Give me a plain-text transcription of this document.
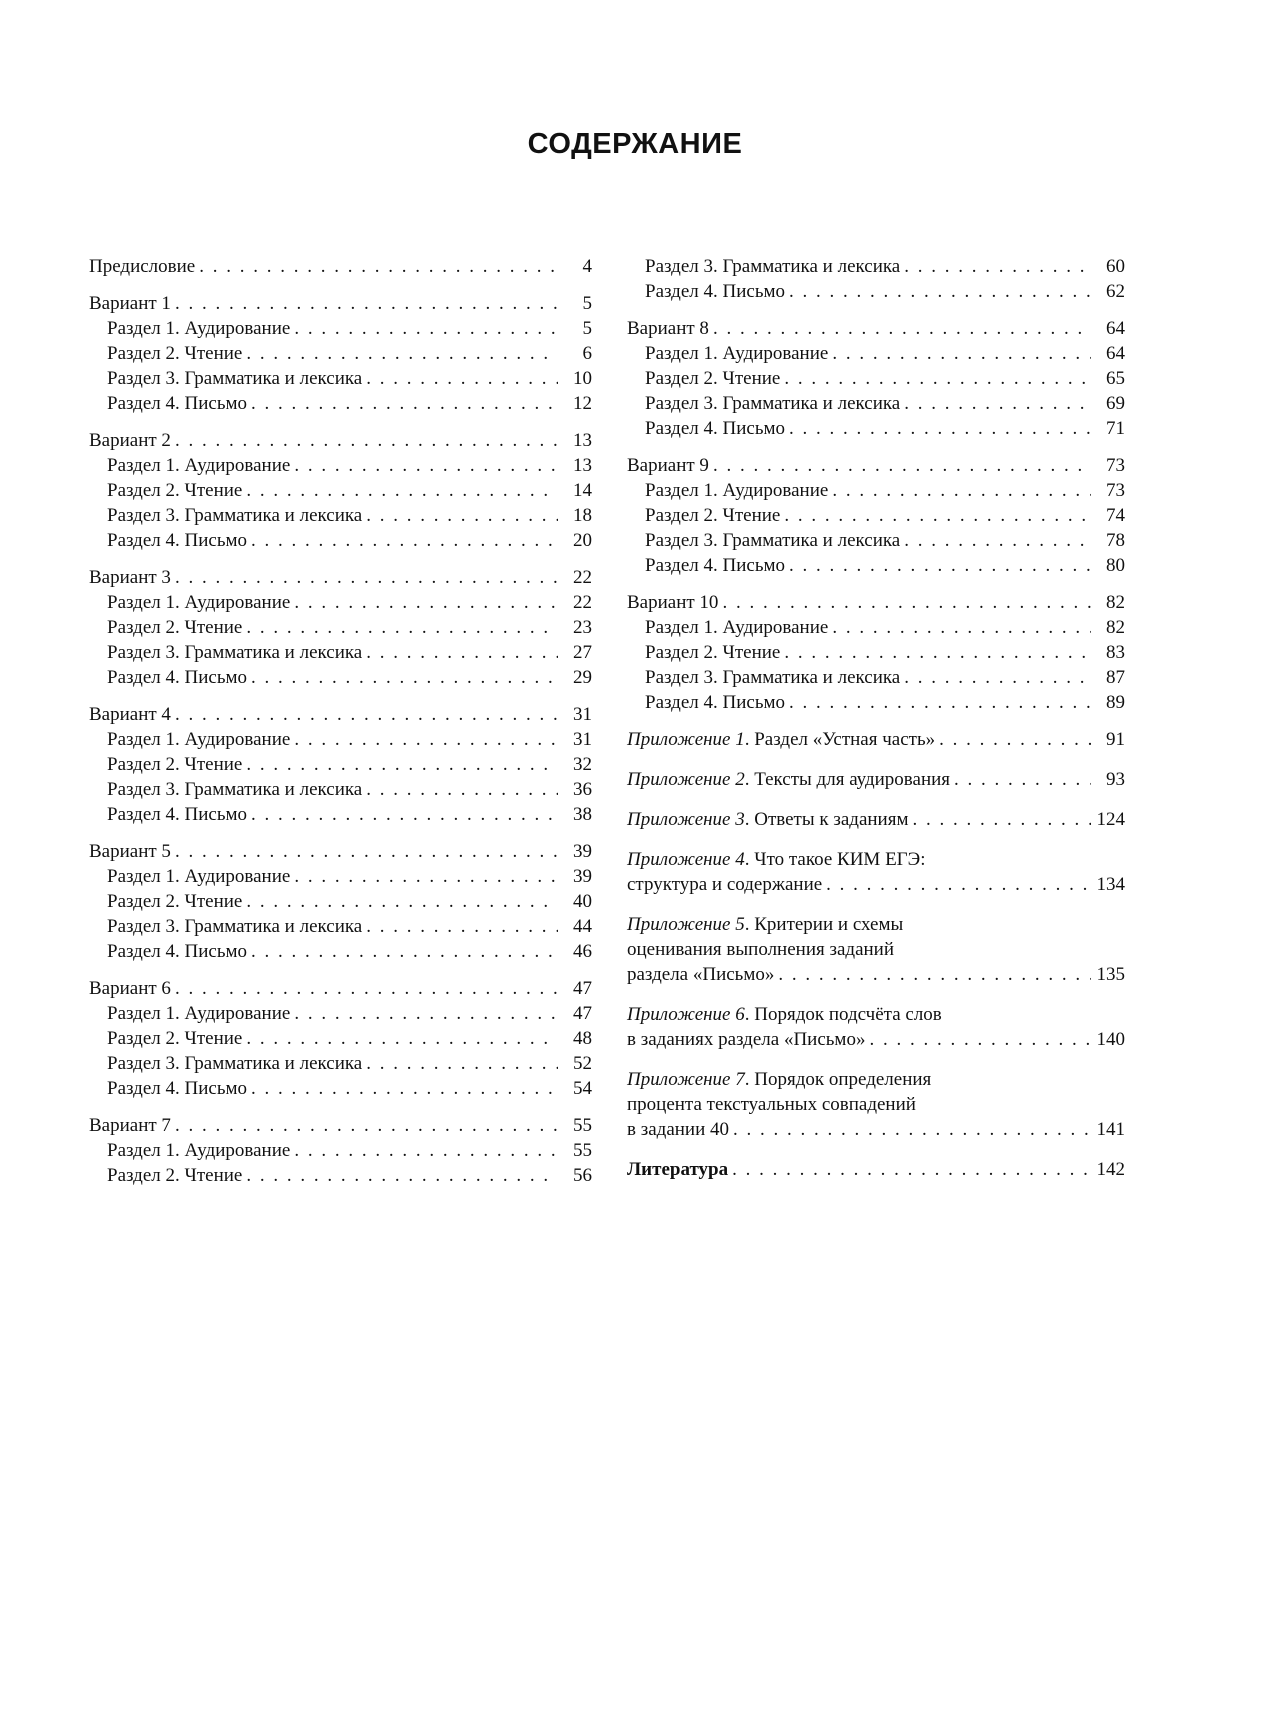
СОДЕРЖАНИЕ
Предисловие . . .	4
Вариант 1 . . .	5
Раздел 1. Аудирование . . .	5
Раздел 2. Чтение . . .	6
Раздел 3. Грамматика и лексика . . .	10
Раздел 4. Письмо . . .	12
Вариант 2 . . .	13
Раздел 1. Аудирование . . .	13
Раздел 2. Чтение . . .	14
Раздел 3. Грамматика и лексика . . .	18
Раздел 4. Письмо . . .	20
Вариант 3 . . .	22
Раздел 1. Аудирование . . .	22
Раздел 2. Чтение . . .	23
Раздел 3. Грамматика и лексика . . .	27
Раздел 4. Письмо . . .	29
Вариант 4 . . .	31
Раздел 1. Аудирование . . .	31
Раздел 2. Чтение . . .	32
Раздел 3. Грамматика и лексика . . .	36
Раздел 4. Письмо . . .	38
Вариант 5 . . .	39
Раздел 1. Аудирование . . .	39
Раздел 2. Чтение . . .	40
Раздел 3. Грамматика и лексика . . .	44
Раздел 4. Письмо . . .	46
Вариант 6 . . .	47
Раздел 1. Аудирование . . .	47
Раздел 2. Чтение . . .	48
Раздел 3. Грамматика и лексика . . .	52
Раздел 4. Письмо . . .	54
Вариант 7 . . .	55
Раздел 1. Аудирование . . .	55
Раздел 2. Чтение . . .	56
Раздел 3. Грамматика и лексика . . .	60
Раздел 4. Письмо . . .	62
Вариант 8 . . .	64
Раздел 1. Аудирование . . .	64
Раздел 2. Чтение . . .	65
Раздел 3. Грамматика и лексика . . .	69
Раздел 4. Письмо . . .	71
Вариант 9 . . .	73
Раздел 1. Аудирование . . .	73
Раздел 2. Чтение . . .	74
Раздел 3. Грамматика и лексика . . .	78
Раздел 4. Письмо . . .	80
Вариант 10 . . .	82
Раздел 1. Аудирование . . .	82
Раздел 2. Чтение . . .	83
Раздел 3. Грамматика и лексика . . .	87
Раздел 4. Письмо . . .	89
Приложение 1. Раздел «Устная часть» . . .	91
Приложение 2. Тексты для аудирования . . .	93
Приложение 3. Ответы к заданиям . . .	124
Приложение 4. Что такое КИМ ЕГЭ:
структура и содержание . . .	134
Приложение 5. Критерии и схемы
оценивания выполнения заданий
раздела «Письмо» . . .	135
Приложение 6. Порядок подсчёта слов
в заданиях раздела «Письмо» . . .	140
Приложение 7. Порядок определения
процента текстуальных совпадений
в задании 40 . . .	141
Литература . . .	142
